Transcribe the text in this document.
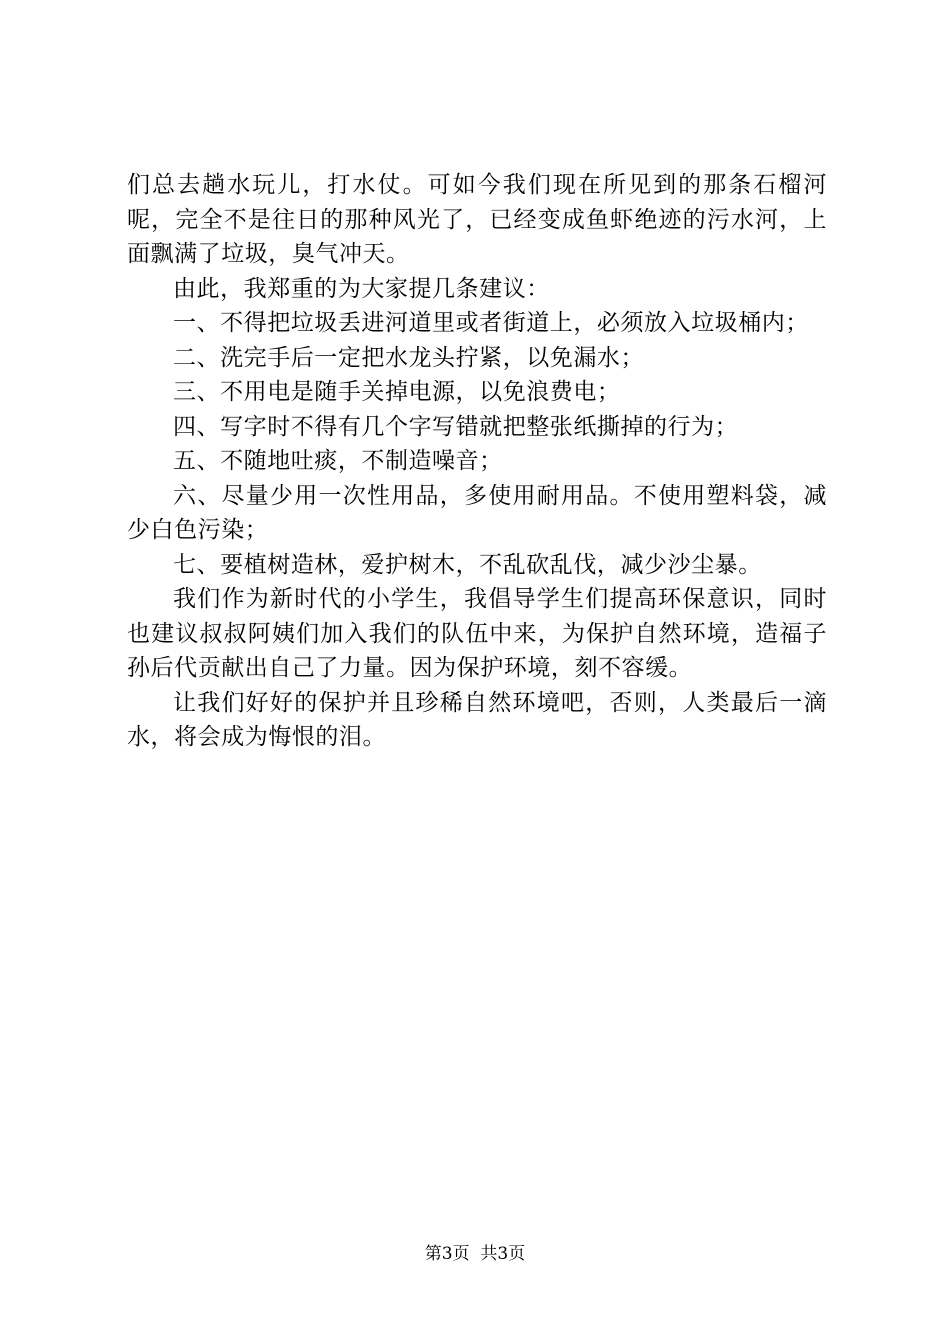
们总去趟水玩儿，打水仗。可如今我们现在所见到的那条石榴河呢，完全不是往日的那种风光了，已经变成鱼虾绝迹的污水河，上面飘满了垃圾，臭气冲天。

由此，我郑重的为大家提几条建议：

一、不得把垃圾丢进河道里或者街道上，必须放入垃圾桶内；

二、洗完手后一定把水龙头拧紧，以免漏水；

三、不用电是随手关掉电源，以免浪费电；

四、写字时不得有几个字写错就把整张纸撕掉的行为；

五、不随地吐痰，不制造噪音；

六、尽量少用一次性用品，多使用耐用品。不使用塑料袋，减少白色污染；

七、要植树造林，爱护树木，不乱砍乱伐，减少沙尘暴。

我们作为新时代的小学生，我倡导学生们提高环保意识，同时也建议叔叔阿姨们加入我们的队伍中来，为保护自然环境，造福子孙后代贡献出自己了力量。因为保护环境，刻不容缓。

让我们好好的保护并且珍稀自然环境吧，否则，人类最后一滴水，将会成为悔恨的泪。

第3页  共3页
